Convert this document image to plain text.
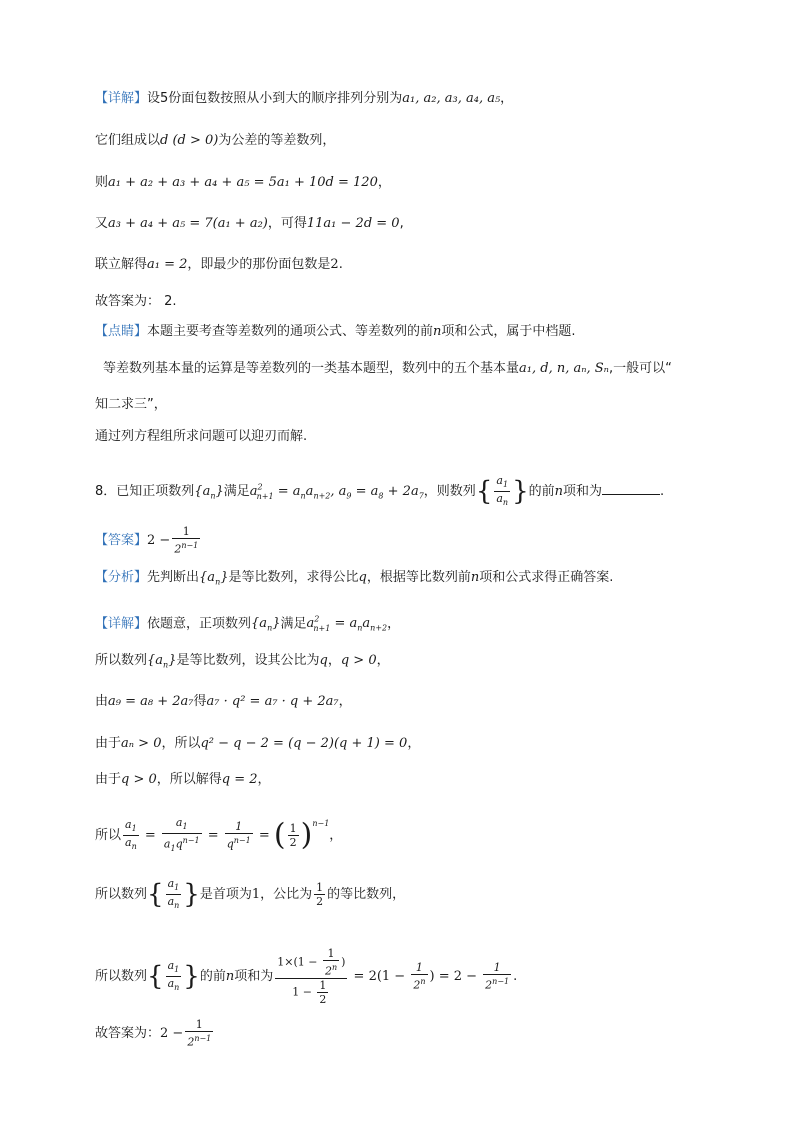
【详解】设5份面包数按照从小到大的顺序排列分别为a₁, a₂, a₃, a₄, a₅，
它们组成以d (d > 0)为公差的等差数列，
则a₁ + a₂ + a₃ + a₄ + a₅ = 5a₁ + 10d = 120，
又a₃ + a₄ + a₅ = 7(a₁ + a₂)，可得11a₁ − 2d = 0,
联立解得a₁ = 2，即最少的那份面包数是2.
故答案为： 2.
【点睛】本题主要考查等差数列的通项公式、等差数列的前n项和公式，属于中档题.
等差数列基本量的运算是等差数列的一类基本题型，数列中的五个基本量a₁, d, n, aₙ, Sₙ,一般可以“
知二求三”，
通过列方程组所求问题可以迎刃而解.
8．已知正项数列$\{a_n\}$满足$a^2_{n+1} = a_na_{n+2}$, $a_9 = a_8 + 2a_7$，则数列{ $\frac{a_1}{a_n}$ }的前n项和为	.
【答案】$2 - \frac{1}{2^{n-1}}$
【分析】先判断出$\{a_n\}$是等比数列，求得公比q，根据等比数列前n项和公式求得正确答案.
【详解】依题意，正项数列$\{a_n\}$满足$a^2_{n+1} = a_na_{n+2}$，
所以数列$\{a_n\}$是等比数列，设其公比为q，q > 0，
由a₉ = a₈ + 2a₇得a₇ · q² = a₇ · q + 2a₇，
由于aₙ > 0，所以q² − q − 2 = (q − 2)(q + 1) = 0，
由于q > 0，所以解得q = 2，
所以 $\frac{a_1}{a_n} = \frac{a_1}{a_1q^{n-1}} = \frac{1}{q^{n-1}}$ = ( $\frac{1}{2} )^{n-1}$，
所以数列{ $\frac{a_1}{a_n}$ }是首项为1，公比为 $\frac{1}{2}$ 的等比数列，
所以数列{ $\frac{a_1}{a_n}$ }的前n项和为 $\frac{1\times(1 - \frac{1}{2^n} )}{1 - \frac{1}{2}} = 2(1 - \frac{1}{2^n}$ ) = $2 - \frac{1}{2^{n-1}}$ .
故答案为：$2 - \frac{1}{2^{n-1}}$
